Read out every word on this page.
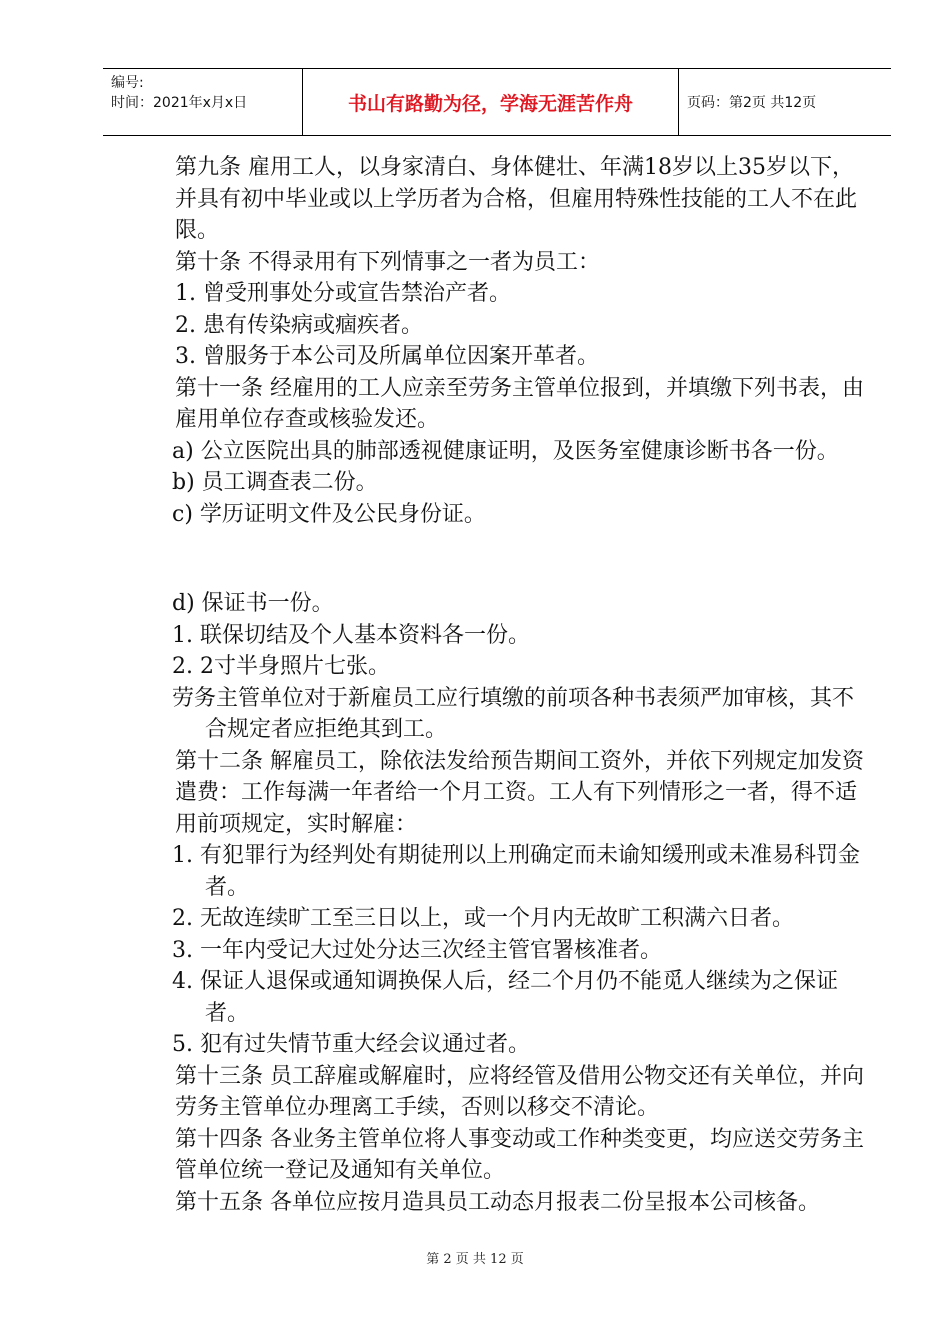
编号:
时间：2021年x月x日	书山有路勤为径，学海无涯苦作舟	页码：第2页 共12页

第九条 雇用工人，以身家清白、身体健壮、年满18岁以上35岁以下，并具有初中毕业或以上学历者为合格，但雇用特殊性技能的工人不在此限。

第十条 不得录用有下列情事之一者为员工：

1. 曾受刑事处分或宣告禁治产者。

2. 患有传染病或痼疾者。

3. 曾服务于本公司及所属单位因案开革者。

第十一条 经雇用的工人应亲至劳务主管单位报到，并填缴下列书表，由雇用单位存查或核验发还。

a) 公立医院出具的肺部透视健康证明，及医务室健康诊断书各一份。

b) 员工调查表二份。

c) 学历证明文件及公民身份证。

d) 保证书一份。

1. 联保切结及个人基本资料各一份。

2. 2寸半身照片七张。

劳务主管单位对于新雇员工应行填缴的前项各种书表须严加审核，其不合规定者应拒绝其到工。

第十二条 解雇员工，除依法发给预告期间工资外，并依下列规定加发资遣费：工作每满一年者给一个月工资。工人有下列情形之一者，得不适用前项规定，实时解雇：

1. 有犯罪行为经判处有期徒刑以上刑确定而未谕知缓刑或未准易科罚金者。

2. 无故连续旷工至三日以上，或一个月内无故旷工积满六日者。

3. 一年内受记大过处分达三次经主管官署核准者。

4. 保证人退保或通知调换保人后，经二个月仍不能觅人继续为之保证者。

5. 犯有过失情节重大经会议通过者。

第十三条 员工辞雇或解雇时，应将经管及借用公物交还有关单位，并向劳务主管单位办理离工手续，否则以移交不清论。

第十四条 各业务主管单位将人事变动或工作种类变更，均应送交劳务主管单位统一登记及通知有关单位。

第十五条 各单位应按月造具员工动态月报表二份呈报本公司核备。

第 2 页 共 12 页
